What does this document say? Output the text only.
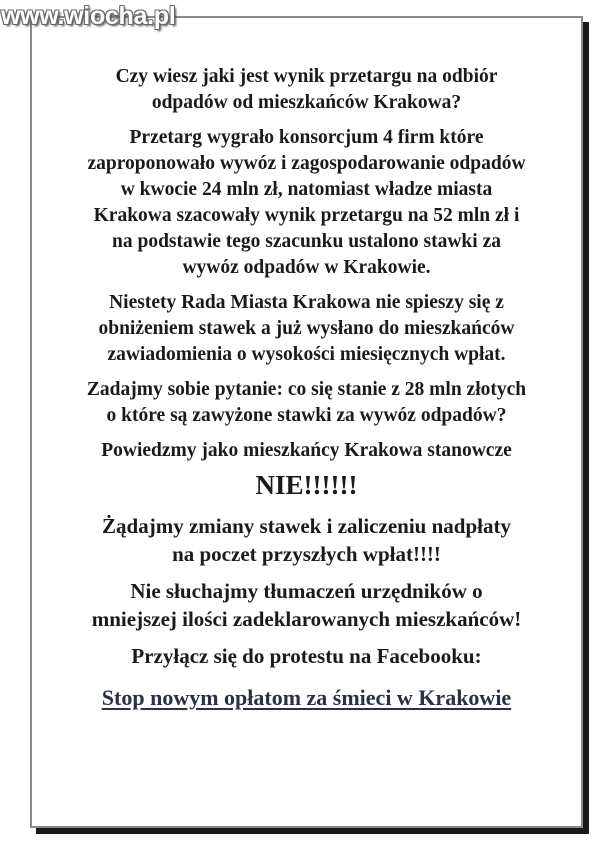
www.wiocha.pl

Czy wiesz jaki jest wynik przetargu na odbiór
odpadów od mieszkańców Krakowa?

Przetarg wygrało konsorcjum 4 firm które
zaproponowało wywóz i zagospodarowanie odpadów
w kwocie 24 mln zł, natomiast władze miasta
Krakowa szacowały wynik przetargu na 52 mln zł i
na podstawie tego szacunku ustalono stawki za
wywóz odpadów w Krakowie.

Niestety Rada Miasta Krakowa nie spieszy się z
obniżeniem stawek a już wysłano do mieszkańców
zawiadomienia o wysokości miesięcznych wpłat.

Zadajmy sobie pytanie: co się stanie z 28 mln złotych
o które są zawyżone stawki za wywóz odpadów?

Powiedzmy jako mieszkańcy Krakowa stanowcze

NIE!!!!!!

Żądajmy zmiany stawek i zaliczeniu nadpłaty
na poczet przyszłych wpłat!!!!

Nie słuchajmy tłumaczeń urzędników o
mniejszej ilości zadeklarowanych mieszkańców!

Przyłącz się do protestu na Facebooku:

Stop nowym opłatom za śmieci w Krakowie
